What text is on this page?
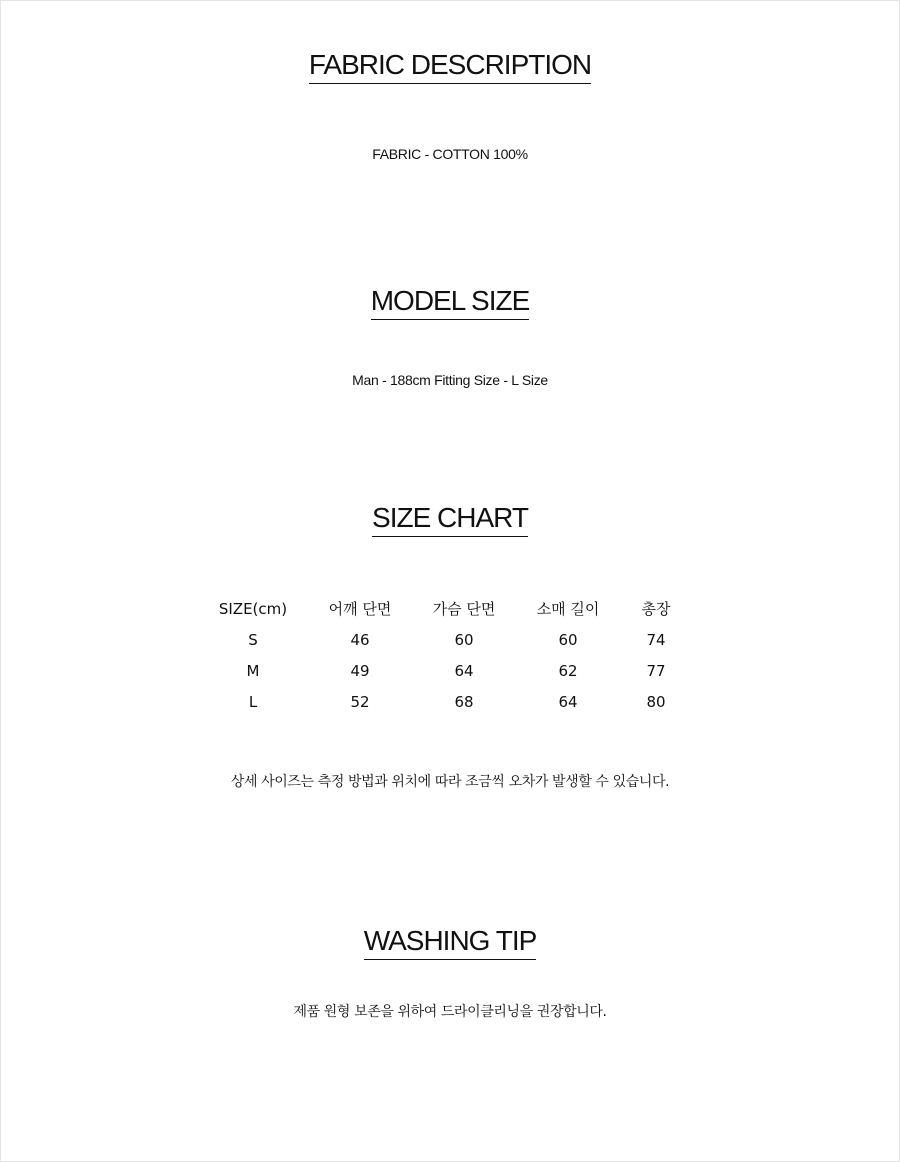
FABRIC DESCRIPTION

FABRIC - COTTON 100%

MODEL SIZE

Man - 188cm Fitting Size - L Size

SIZE CHART
SIZE(cm)	어깨 단면	가슴 단면	소매 길이	총장
S	46	60	60	74
M	49	64	62	77
L	52	68	64	80

상세 사이즈는 측정 방법과 위치에 따라 조금씩 오차가 발생할 수 있습니다.

WASHING TIP

제품 원형 보존을 위하여 드라이클리닝을 권장합니다.
